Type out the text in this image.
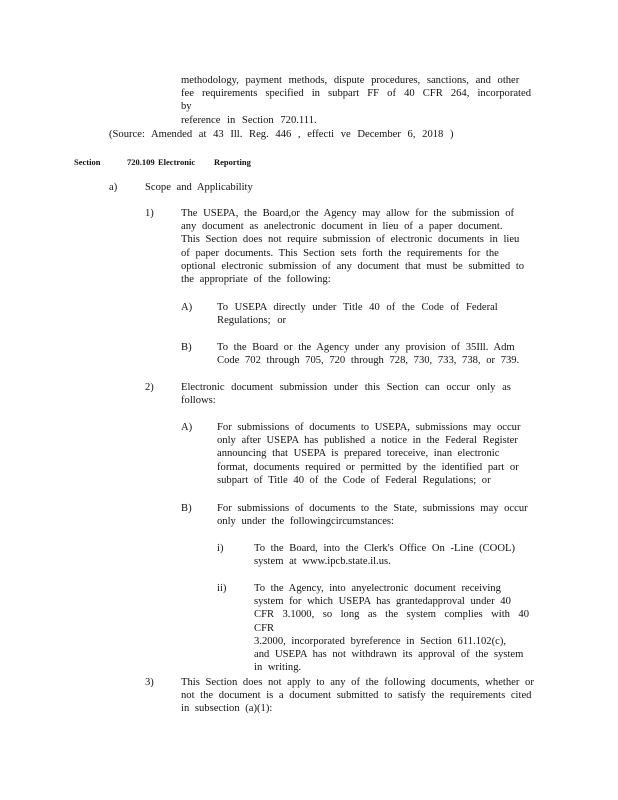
methodology, payment methods, dispute procedures, sanctions, and other

fee requirements specified in subpart FF of 40 CFR 264, incorporated by

reference in Section 720.111.

(Source: Amended at 43 Ill. Reg. 446 , effecti ve December 6, 2018 )
Section	720.109 Electronic Reporting
a)	Scope and Applicability
1)	The USEPA, the Board,or the Agency may allow for the submission of

any document as anelectronic document in lieu of a paper document.

This Section does not require submission of electronic documents in lieu

of paper documents. This Section sets forth the requirements for the

optional electronic submission of any document that must be submitted to

the appropriate of the following:

A) To USEPA directly under Title 40 of the Code of Federal

Regulations; or

B) To the Board or the Agency under any provision of 35Ill. Adm

Code 702 through 705, 720 through 728, 730, 733, 738, or 739.

2)	Electronic document submission under this Section can occur only as

follows:

A) For submissions of documents to USEPA, submissions may occur

only after USEPA has published a notice in the Federal Register

announcing that USEPA is prepared toreceive, inan electronic

format, documents required or permitted by the identified part or

subpart of Title 40 of the Code of Federal Regulations; or

B) For submissions of documents to the State, submissions may occur

only under the followingcircumstances:

i)	To the Board, into the Clerk's Office On -Line (COOL)

system at www.ipcb.state.il.us.

ii)	To the Agency, into anyelectronic document receiving

system for which USEPA has grantedapproval under 40

CFR 3.1000, so long as the system complies with 40 CFR

3.2000, incorporated byreference in Section 611.102(c),

and USEPA has not withdrawn its approval of the system

in writing.

3)	This Section does not apply to any of the following documents, whether or

not the document is a document submitted to satisfy the requirements cited

in subsection (a)(1):
